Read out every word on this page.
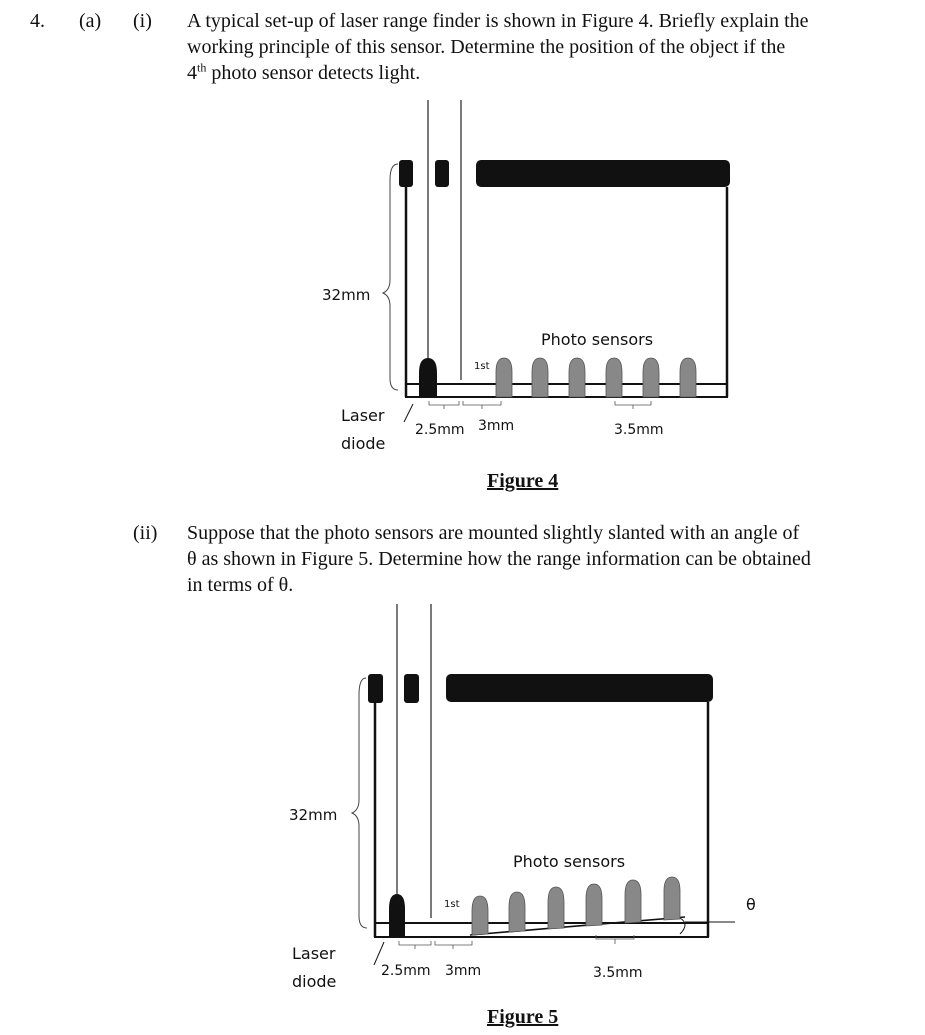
4. (a) (i) A typical set-up of laser range finder is shown in Figure 4. Briefly explain the
working principle of this sensor. Determine the position of the object if the
4th photo sensor detects light.
32mm
Photo sensors
1st
2.5mm 3mm	3.5mm
Laser
diode
Figure 4
(ii) Suppose that the photo sensors are mounted slightly slanted with an angle of
θ as shown in Figure 5. Determine how the range information can be obtained
in terms of θ.
32mm
Photo sensors
1st
2.5mm 3mm	3.5mm
Laser
diode
θ
Figure 5
